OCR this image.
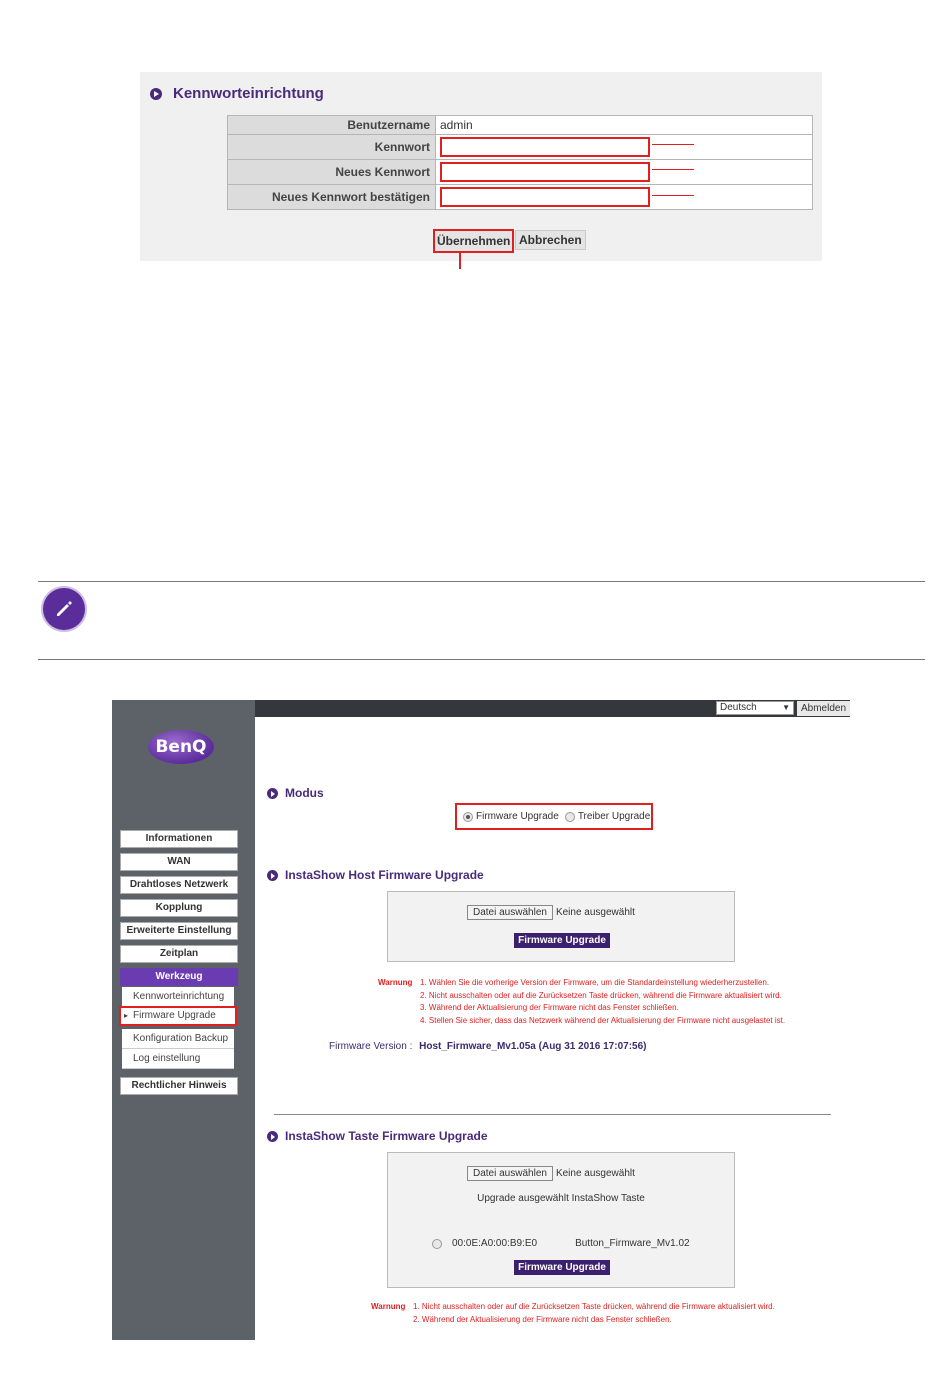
Kennworteinrichtung
Benutzername	admin
Kennwort	

Neues Kennwort	

Neues Kennwort bestätigen	
Übernehmen Abbrechen
BenQ
Informationen
WAN
Drahtloses Netzwerk
Kopplung
Erweiterte Einstellung
Zeitplan
Werkzeug
Kennworteinrichtung
▸ Firmware Upgrade
Konfiguration Backup
Log einstellung
Rechtlicher Hinweis
Deutsch	▼	Abmelden
Modus
Firmware Upgrade Treiber Upgrade
InstaShow Host Firmware Upgrade
Datei auswählen Keine ausgewählt
Firmware Upgrade
Warnung 1. Wählen Sie die vorherige Version der Firmware, um die Standardeinstellung wiederherzustellen.
2. Nicht ausschalten oder auf die Zurücksetzen Taste drücken, während die Firmware aktualisiert wird.
3. Während der Aktualisierung der Firmware nicht das Fenster schließen.
4. Stellen Sie sicher, dass das Netzwerk während der Aktualisierung der Firmware nicht ausgelastet ist.
Firmware Version : Host_Firmware_Mv1.05a (Aug 31 2016 17:07:56)
InstaShow Taste Firmware Upgrade
Datei auswählen Keine ausgewählt
Upgrade ausgewählt InstaShow Taste
00:0E:A0:00:B9:E0	Button_Firmware_Mv1.02
Firmware Upgrade
Warnung 1. Nicht ausschalten oder auf die Zurücksetzen Taste drücken, während die Firmware aktualisiert wird.
2. Während der Aktualisierung der Firmware nicht das Fenster schließen.
